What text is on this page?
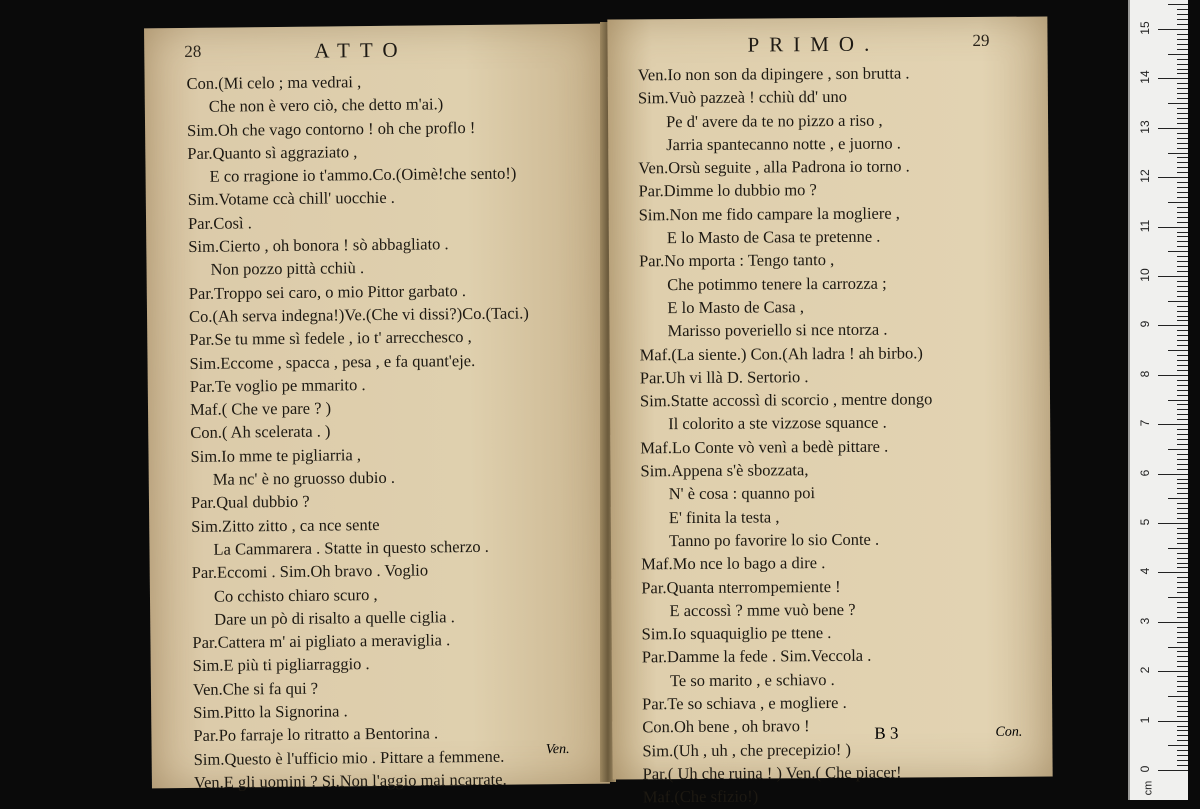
28	ATTO
Con.(Mi celo ; ma vedrai ,
Che non è vero ciò, che detto m'ai.)
Sim.Oh che vago contorno ! oh che proflo !
Par.Quanto sì aggraziato ,
E co rragione io t'ammo.Co.(Oimè!che sento!)
Sim.Votame ccà chill' uocchie .
Par.Così .
Sim.Cierto , oh bonora ! sò abbagliato .
Non pozzo pittà cchiù .
Par.Troppo sei caro, o mio Pittor garbato .
Co.(Ah serva indegna!)Ve.(Che vi dissi?)Co.(Taci.)
Par.Se tu mme sì fedele , io t' arrecchesco ,
Sim.Eccome , spacca , pesa , e fa quant'eje.
Par.Te voglio pe mmarito .
Maf.( Che ve pare ? )
Con.( Ah scelerata . )
Sim.Io mme te pigliarria ,
Ma nc' è no gruosso dubio .
Par.Qual dubbio ?
Sim.Zitto zitto , ca nce sente
La Cammarera . Statte in questo scherzo .
Par.Eccomi . Sim.Oh bravo . Voglio
Co cchisto chiaro scuro ,
Dare un pò di risalto a quelle ciglia .
Par.Cattera m' ai pigliato a meraviglia .
Sim.E più ti pigliarraggio .
Ven.Che si fa qui ?
Sim.Pitto la Signorina .
Par.Po farraje lo ritratto a Bentorina .
Sim.Questo è l'ufficio mio . Pittare a femmene.
Ven.E gli uomini ? Si.Non l'aggio mai ncarrate.
Ven.
PRIMO.	29
Ven.Io non son da dipingere , son brutta .
Sim.Vuò pazzeà ! cchiù dd' uno
Pe d' avere da te no pizzo a riso ,
Jarria spantecanno notte , e juorno .
Ven.Orsù seguite , alla Padrona io torno .
Par.Dimme lo dubbio mo ?
Sim.Non me fido campare la mogliere ,
E lo Masto de Casa te pretenne .
Par.No mporta : Tengo tanto ,
Che potimmo tenere la carrozza ;
E lo Masto de Casa ,
Marisso poveriello si nce ntorza .
Maf.(La siente.) Con.(Ah ladra ! ah birbo.)
Par.Uh vi llà D. Sertorio .
Sim.Statte accossì di scorcio , mentre dongo
Il colorito a ste vizzose squance .
Maf.Lo Conte vò venì a bedè pittare .
Sim.Appena s'è sbozzata,
N' è cosa : quanno poi
E' finita la testa ,
Tanno po favorire lo sio Conte .
Maf.Mo nce lo bago a dire .
Par.Quanta nterrompemiente !
E accossì ? mme vuò bene ?
Sim.Io squaquiglio pe ttene .
Par.Damme la fede . Sim.Veccola .
Te so marito , e schiavo .
Par.Te so schiava , e mogliere .
Con.Oh bene , oh bravo !
Sim.(Uh , uh , che precepizio! )
Par.( Uh che ruina ! ) Ven.( Che piacer!
Maf.(Che sfizio!)
B 3	Con.
0
1
2
3
4
5
6
7
8
9
10
11
12
13
14
15
cm
